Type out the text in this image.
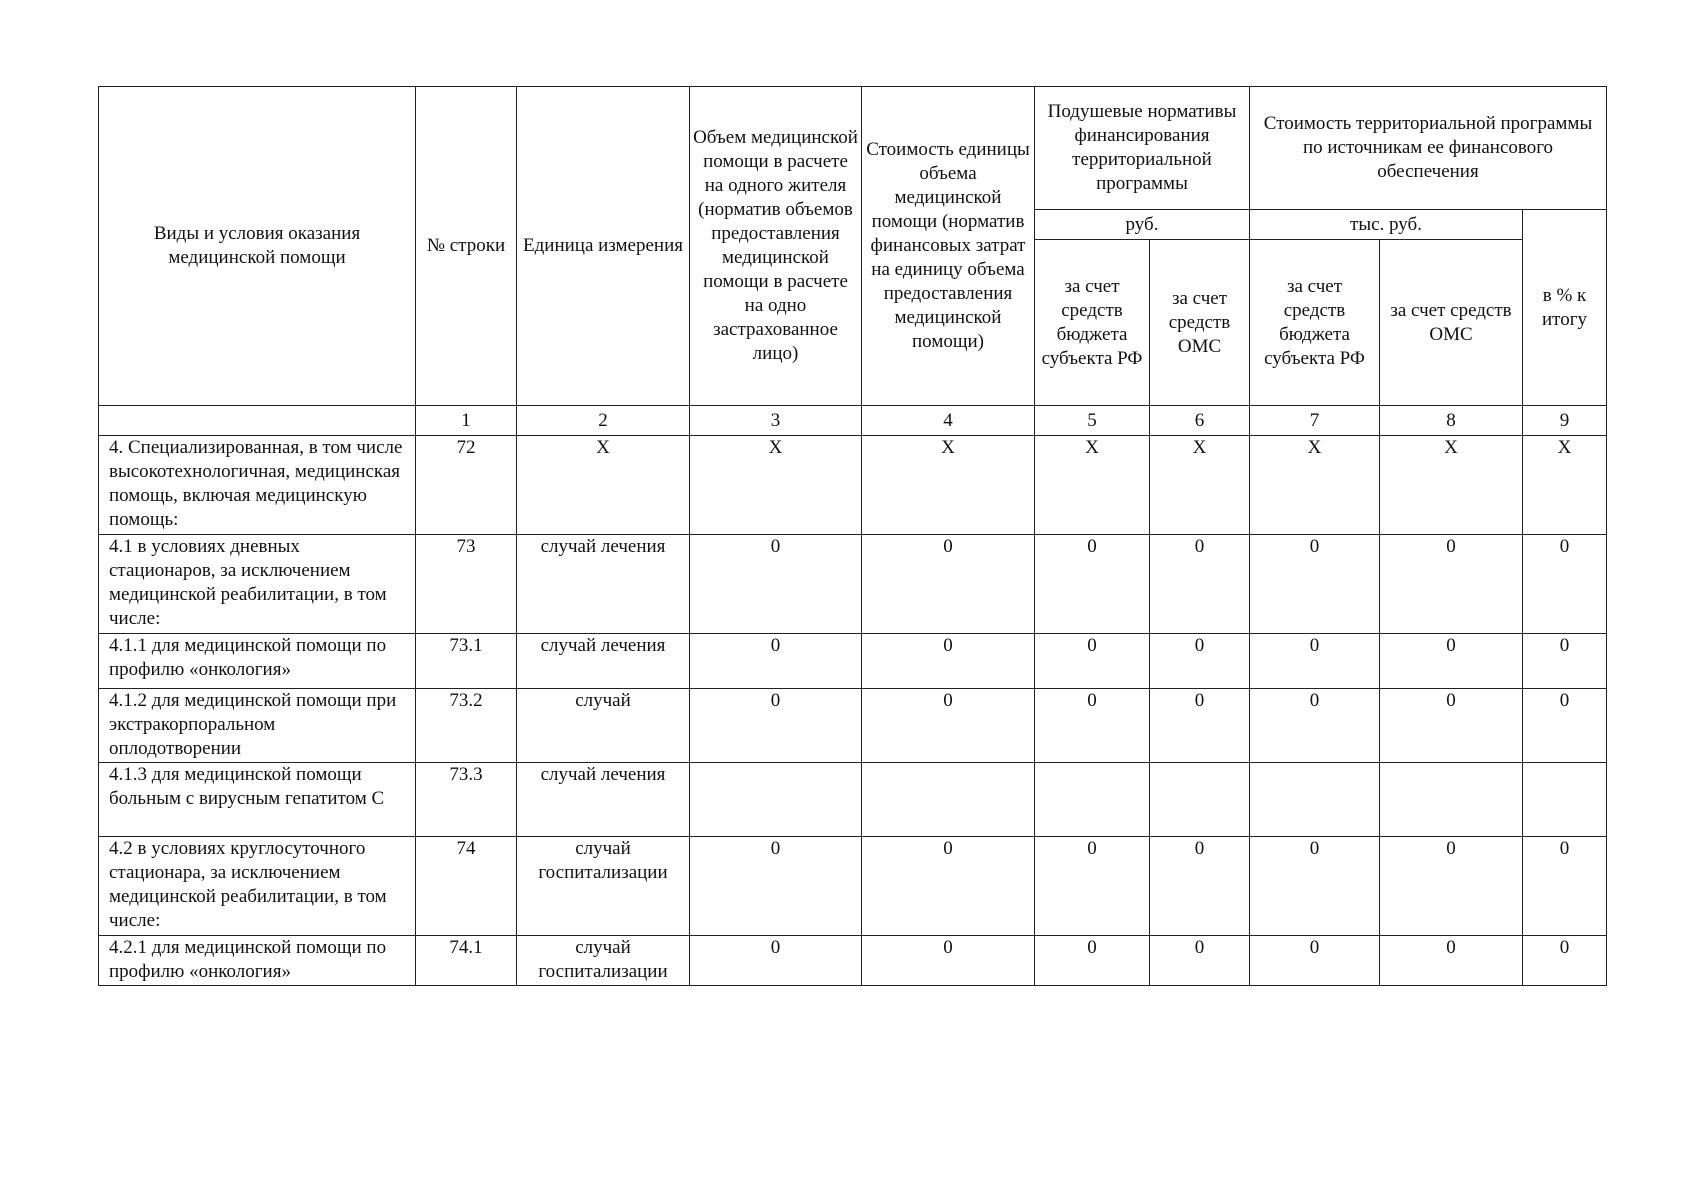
Виды и условия оказания медицинской помощи	№ строки	Единица измерения	Объем медицинской помощи в расчете на одного жителя (норматив объемов предоставления медицинской помощи в расчете на одно застрахованное лицо)	Стоимость единицы объема медицинской помощи (норматив финансовых затрат на единицу объема предоставления медицинской помощи)	Подушевые нормативы финансирования территориальной программы		Стоимость территориальной программы по источникам ее финансового обеспечения		
					руб.		тыс. руб.		в % к итогу
					за счет средств бюджета субъекта РФ	за счет средств ОМС	за счет средств бюджета субъекта РФ	за счет средств ОМС	
	1	2	3	4	5	6	7	8	9
4. Специализированная, в том числе высокотехнологичная, медицинская помощь, включая медицинскую помощь:	72	X	X	X	X	X	X	X	X
4.1 в условиях дневных стационаров, за исключением медицинской реабилитации, в том числе:	73	случай лечения	0	0	0	0	0	0	0
4.1.1 для медицинской помощи по профилю «онкология»	73.1	случай лечения	0	0	0	0	0	0	0
4.1.2 для медицинской помощи при экстракорпоральном оплодотворении	73.2	случай	0	0	0	0	0	0	0
4.1.3 для медицинской помощи больным с вирусным гепатитом С	73.3	случай лечения							
4.2 в условиях круглосуточного стационара, за исключением медицинской реабилитации, в том числе:	74	случай госпитализации	0	0	0	0	0	0	0
4.2.1 для медицинской помощи по профилю «онкология»	74.1	случай госпитализации	0	0	0	0	0	0	0
